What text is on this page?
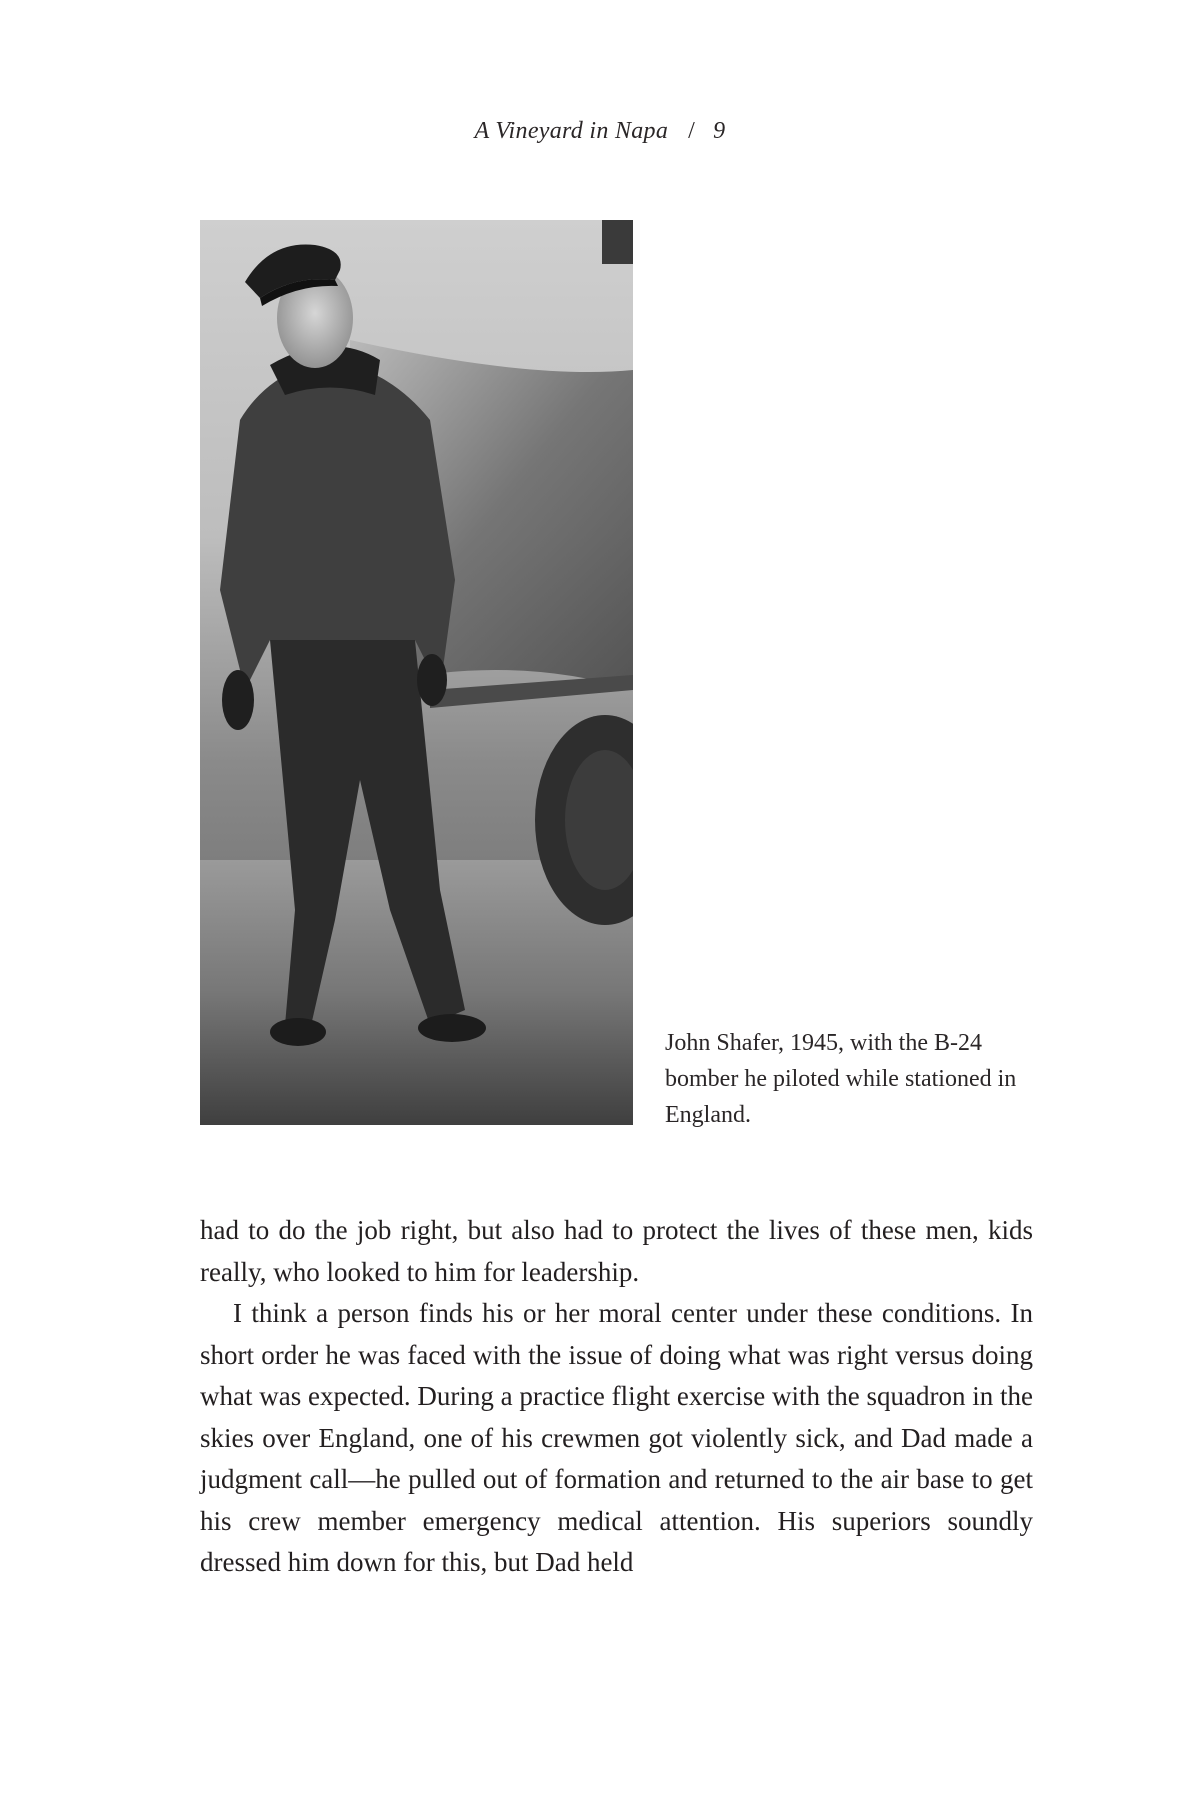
A Vineyard in Napa / 9
John Shafer, 1945, with the B-24 bomber he piloted while stationed in England.

had to do the job right, but also had to protect the lives of these men, kids really, who looked to him for leadership.

I think a person finds his or her moral center under these conditions. In short order he was faced with the issue of doing what was right versus doing what was expected. During a practice flight exercise with the squadron in the skies over England, one of his crewmen got violently sick, and Dad made a judgment call—he pulled out of formation and returned to the air base to get his crew member emergency medical attention. His superiors soundly dressed him down for this, but Dad held
